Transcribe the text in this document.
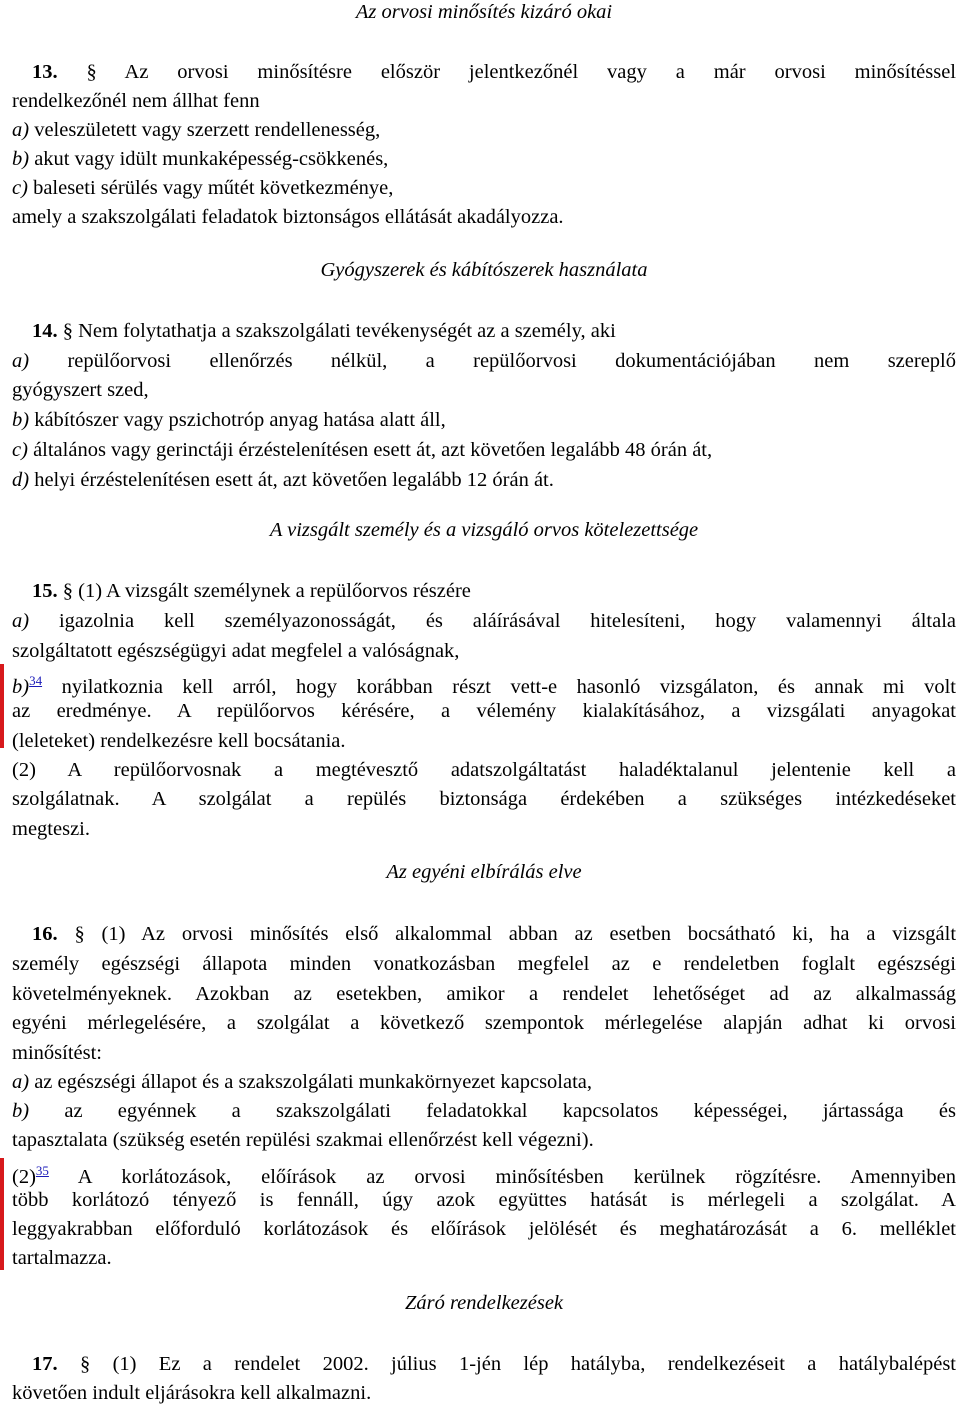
Az orvosi minősítés kizáró okai
13. § Az orvosi minősítésre először jelentkezőnél vagy a már orvosi minősítéssel
rendelkezőnél nem állhat fenn
a) veleszületett vagy szerzett rendellenesség,
b) akut vagy idült munkaképesség-csökkenés,
c) baleseti sérülés vagy műtét következménye,
amely a szakszolgálati feladatok biztonságos ellátását akadályozza.
Gyógyszerek és kábítószerek használata
14. § Nem folytathatja a szakszolgálati tevékenységét az a személy, aki
a) repülőorvosi ellenőrzés nélkül, a repülőorvosi dokumentációjában nem szereplő
gyógyszert szed,
b) kábítószer vagy pszichotróp anyag hatása alatt áll,
c) általános vagy gerinctáji érzéstelenítésen esett át, azt követően legalább 48 órán át,
d) helyi érzéstelenítésen esett át, azt követően legalább 12 órán át.
A vizsgált személy és a vizsgáló orvos kötelezettsége
15. § (1) A vizsgált személynek a repülőorvos részére
a) igazolnia kell személyazonosságát, és aláírásával hitelesíteni, hogy valamennyi általa
szolgáltatott egészségügyi adat megfelel a valóságnak,
b)$^{34}$ nyilatkoznia kell arról, hogy korábban részt vett-e hasonló vizsgálaton, és annak mi volt
az eredménye. A repülőorvos kérésére, a vélemény kialakításához, a vizsgálati anyagokat
(leleteket) rendelkezésre kell bocsátania.
(2) A repülőorvosnak a megtévesztő adatszolgáltatást haladéktalanul jelentenie kell a
szolgálatnak. A szolgálat a repülés biztonsága érdekében a szükséges intézkedéseket
megteszi.
Az egyéni elbírálás elve
16. § (1) Az orvosi minősítés első alkalommal abban az esetben bocsátható ki, ha a vizsgált
személy egészségi állapota minden vonatkozásban megfelel az e rendeletben foglalt egészségi
követelményeknek. Azokban az esetekben, amikor a rendelet lehetőséget ad az alkalmasság
egyéni mérlegelésére, a szolgálat a következő szempontok mérlegelése alapján adhat ki orvosi
minősítést:
a) az egészségi állapot és a szakszolgálati munkakörnyezet kapcsolata,
b) az egyénnek a szakszolgálati feladatokkal kapcsolatos képességei, jártassága és
tapasztalata (szükség esetén repülési szakmai ellenőrzést kell végezni).
(2)$^{35}$ A korlátozások, előírások az orvosi minősítésben kerülnek rögzítésre. Amennyiben
több korlátozó tényező is fennáll, úgy azok együttes hatását is mérlegeli a szolgálat. A
leggyakrabban előforduló korlátozások és előírások jelölését és meghatározását a 6. melléklet
tartalmazza.
Záró rendelkezések
17. § (1) Ez a rendelet 2002. július 1-jén lép hatályba, rendelkezéseit a hatálybalépést
követően indult eljárásokra kell alkalmazni.
